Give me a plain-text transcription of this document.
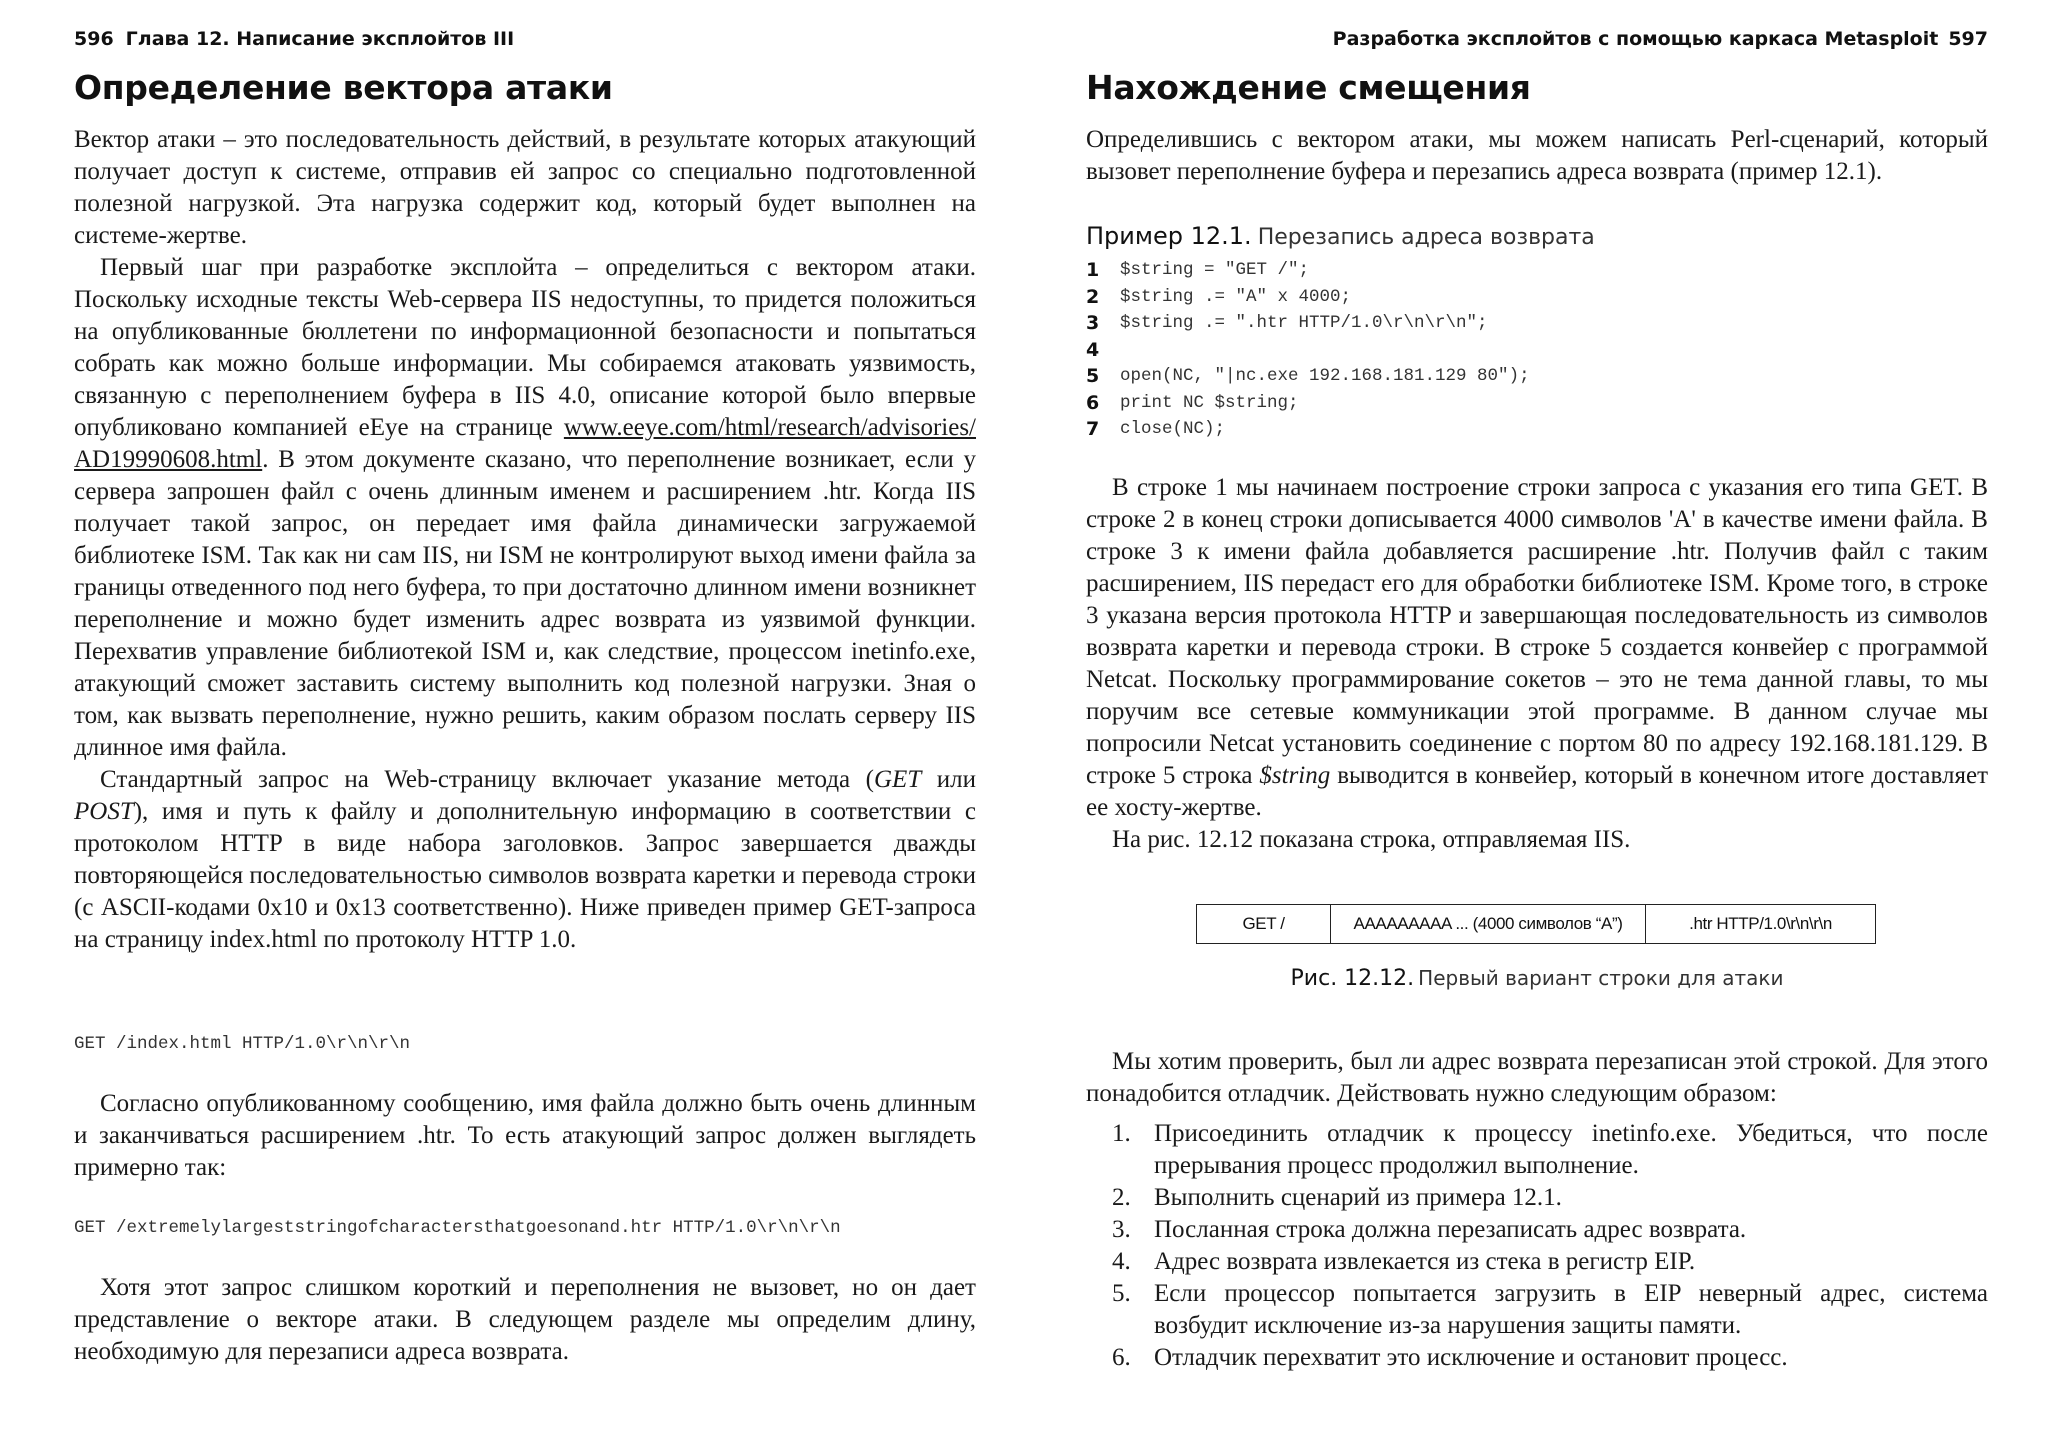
596 Глава 12. Написание эксплойтов III
Определение вектора атаки

Вектор атаки – это последовательность действий, в результате которых атакующий получает доступ к системе, отправив ей запрос со специально подготовленной полезной нагрузкой. Эта нагрузка содержит код, который будет выполнен на системе-жертве.

Первый шаг при разработке эксплойта – определиться с вектором атаки. Поскольку исходные тексты Web-сервера IIS недоступны, то придется положиться на опубликованные бюллетени по информационной безопасности и попытаться собрать как можно больше информации. Мы собираемся атаковать уязвимость, связанную с переполнением буфера в IIS 4.0, описание которой было впервые опубликовано компанией eEye на странице www.eeye.com/html/research/advisories/ AD19990608.html. В этом документе сказано, что переполнение возникает, если у сервера запрошен файл с очень длинным именем и расширением .htr. Когда IIS получает такой запрос, он передает имя файла динамически загружаемой библиотеке ISM. Так как ни сам IIS, ни ISM не контролируют выход имени файла за границы отведенного под него буфера, то при достаточно длинном имени возникнет переполнение и можно будет изменить адрес возврата из уязвимой функции. Перехватив управление библиотекой ISM и, как следствие, процессом inetinfo.exe, атакующий сможет заставить систему выполнить код полезной нагрузки. Зная о том, как вызвать переполнение, нужно решить, каким образом послать серверу IIS длинное имя файла.

Стандартный запрос на Web-страницу включает указание метода (GET или POST), имя и путь к файлу и дополнительную информацию в соответствии с протоколом HTTP в виде набора заголовков. Запрос завершается дважды повторяющейся последовательностью символов возврата каретки и перевода строки (с ASCII-кодами 0x10 и 0x13 соответственно). Ниже приведен пример GET-запроса на страницу index.html по протоколу HTTP 1.0.

GET /index.html HTTP/1.0\r\n\r\n

Согласно опубликованному сообщению, имя файла должно быть очень длинным и заканчиваться расширением .htr. То есть атакующий запрос должен выглядеть примерно так:

GET /extremelylargeststringofcharactersthatgoesonand.htr HTTP/1.0\r\n\r\n

Хотя этот запрос слишком короткий и переполнения не вызовет, но он дает представление о векторе атаки. В следующем разделе мы определим длину, необходимую для перезаписи адреса возврата.

Разработка эксплойтов с помощью каркаса Metasploit 597
Нахождение смещения

Определившись с вектором атаки, мы можем написать Perl-сценарий, который вызовет переполнение буфера и перезапись адреса возврата (пример 12.1).

Пример 12.1. Перезапись адреса возврата
1	$string = "GET /";
2	$string .= "A" x 4000;
3	$string .= ".htr HTTP/1.0\r\n\r\n";
4
5	open(NC, "|nc.exe 192.168.181.129 80");
6	print NC $string;
7	close(NC);

В строке 1 мы начинаем построение строки запроса с указания его типа GET. В строке 2 в конец строки дописывается 4000 символов 'A' в качестве имени файла. В строке 3 к имени файла добавляется расширение .htr. Получив файл с таким расширением, IIS передаст его для обработки библиотеке ISM. Кроме того, в строке 3 указана версия протокола HTTP и завершающая последовательность из символов возврата каретки и перевода строки. В строке 5 создается конвейер с программой Netcat. Поскольку программирование сокетов – это не тема данной главы, то мы поручим все сетевые коммуникации этой программе. В данном случае мы попросили Netcat установить соединение с портом 80 по адресу 192.168.181.129. В строке 5 строка $string выводится в конвейер, который в конечном итоге доставляет ее хосту-жертве.

На рис. 12.12 показана строка, отправляемая IIS.

GET /	AAAAAAAAA ... (4000 символов “A”)	.htr HTTP/1.0\r\n\r\n
Рис. 12.12. Первый вариант строки для атаки

Мы хотим проверить, был ли адрес возврата перезаписан этой строкой. Для этого понадобится отладчик. Действовать нужно следующим образом:

1. Присоединить отладчик к процессу inetinfo.exe. Убедиться, что после прерывания процесс продолжил выполнение.
2. Выполнить сценарий из примера 12.1.
3. Посланная строка должна перезаписать адрес возврата.
4. Адрес возврата извлекается из стека в регистр EIP.
5. Если процессор попытается загрузить в EIP неверный адрес, система возбудит исключение из-за нарушения защиты памяти.
6. Отладчик перехватит это исключение и остановит процесс.
